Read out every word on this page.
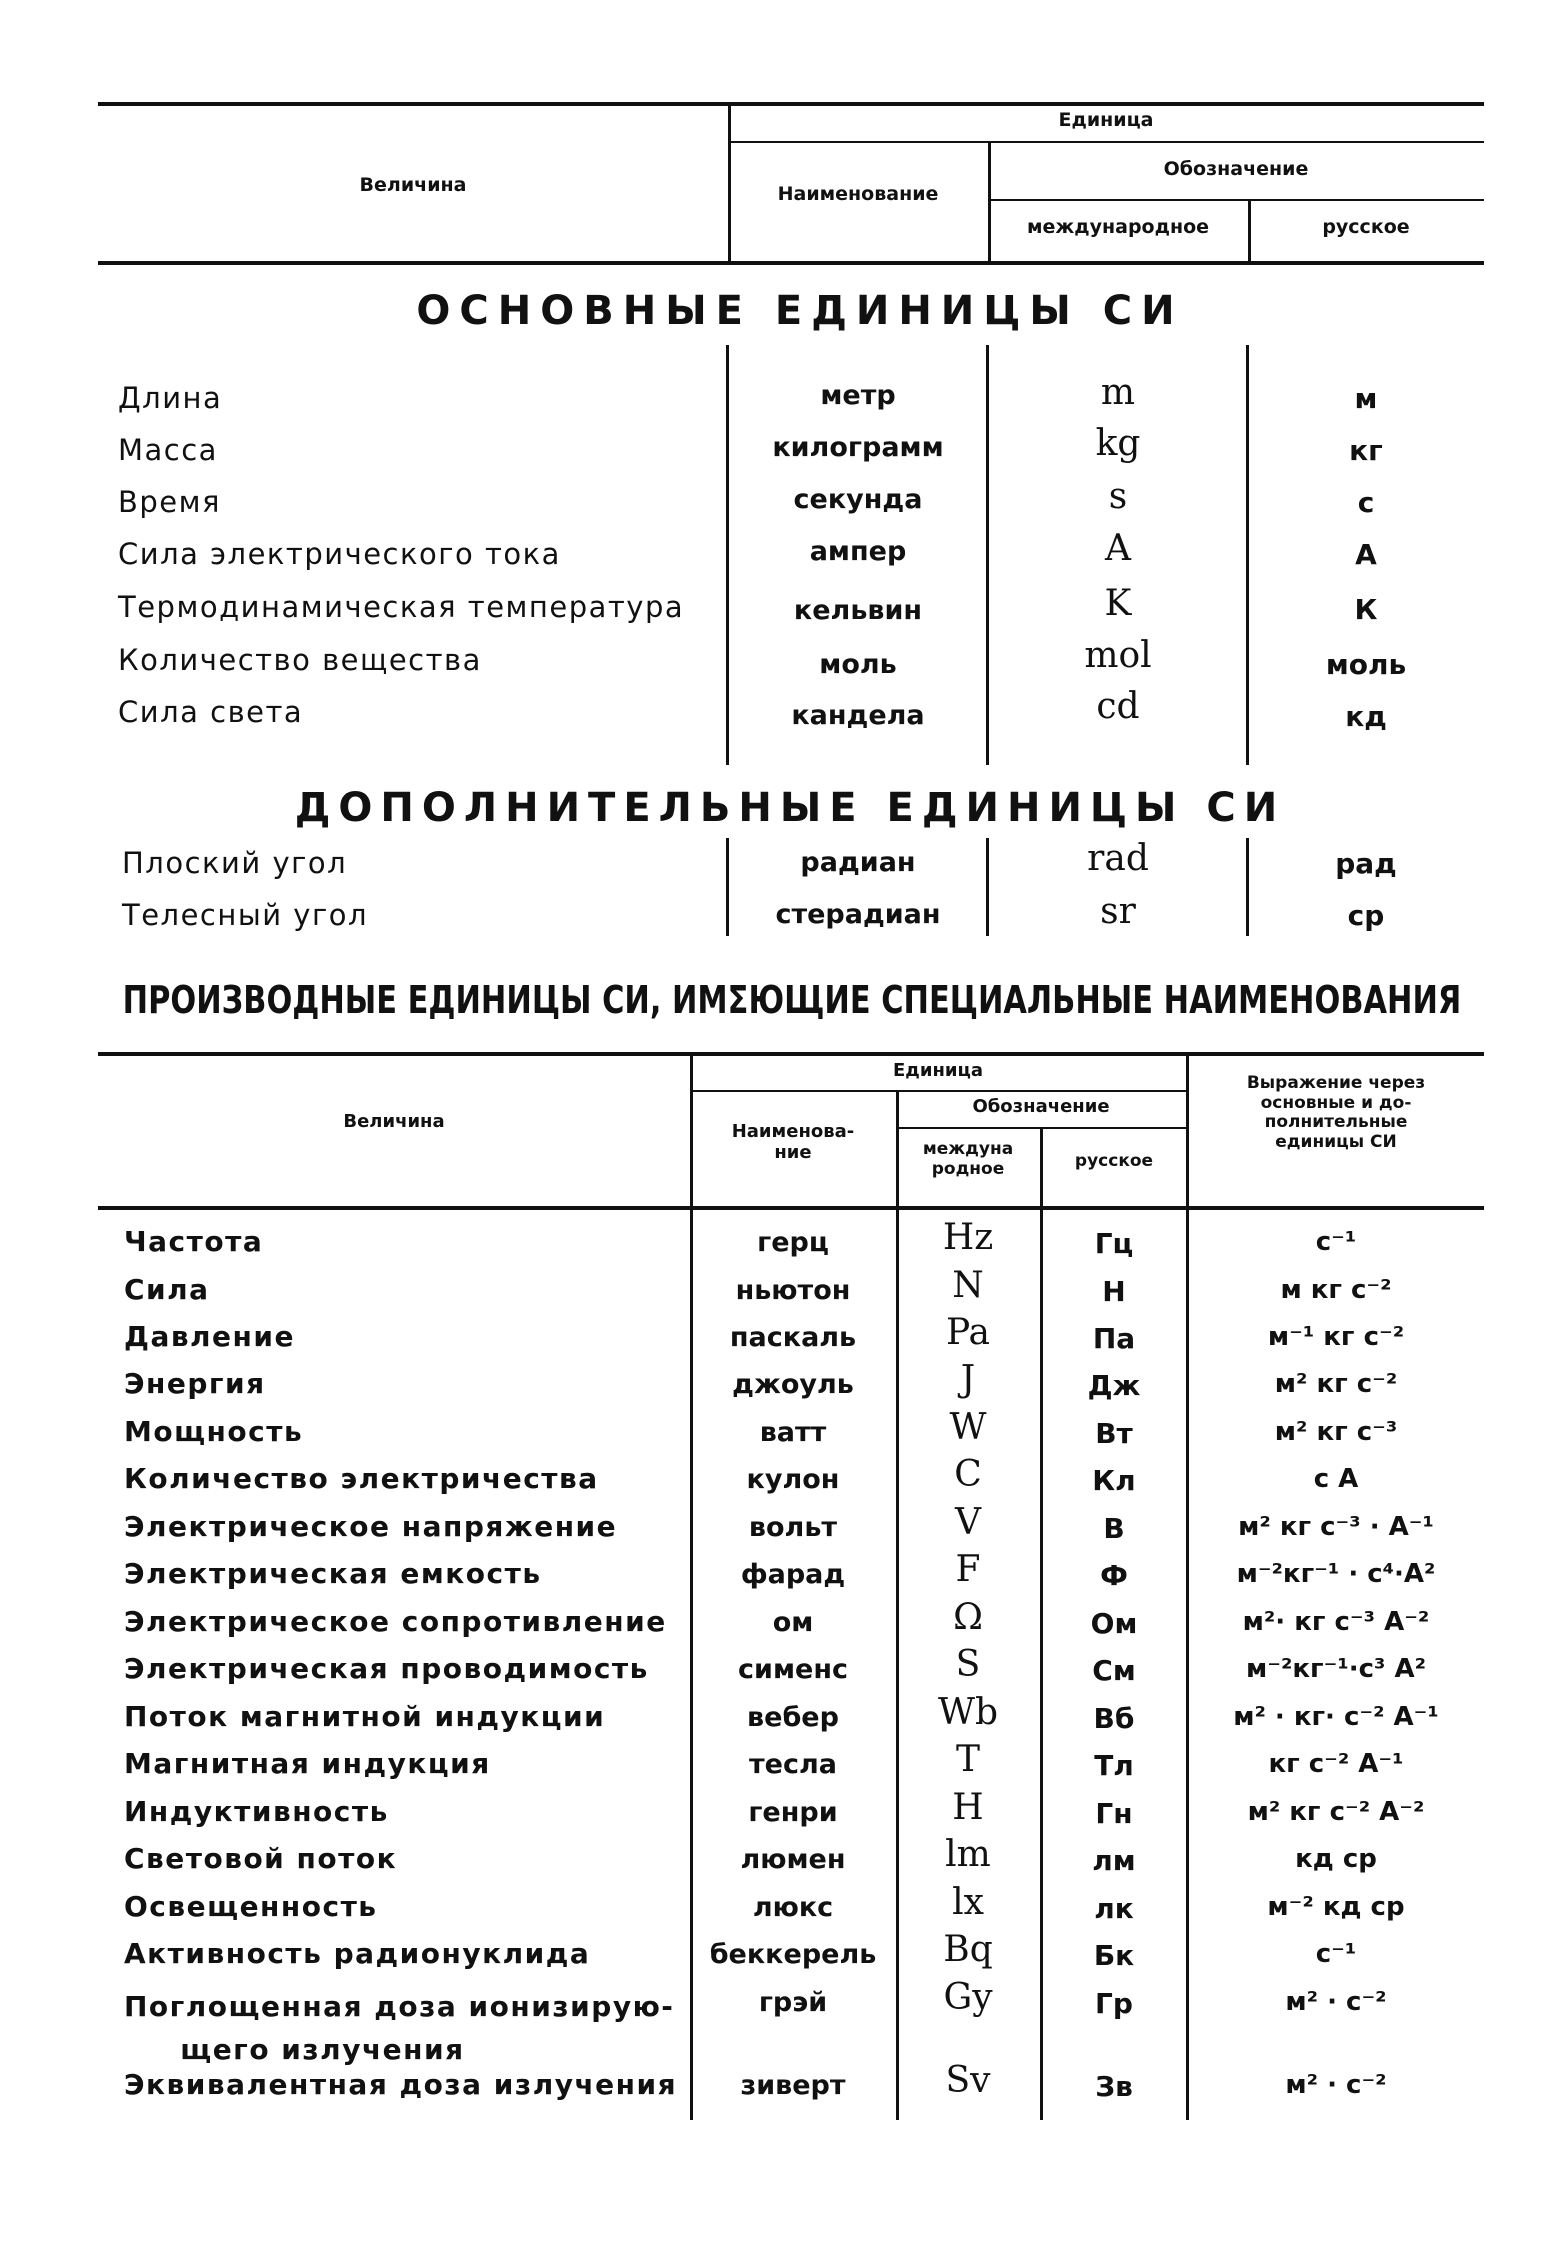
Величина
Единица
Наименование
Обозначение
международное	русское
ОСНОВНЫЕ ЕДИНИЦЫ СИ
Длина	метр	m	м
Масса	килограмм	kg	кг
Время	секунда	s	с
Сила электрического тока	ампер	A	А
Термодинамическая температура	кельвин	K	К
Количество вещества	моль	mol	моль
Сила света	кандела	cd	кд
ДОПОЛНИТЕЛЬНЫЕ ЕДИНИЦЫ СИ
Плоский угол	радиан	rad	рад
Телесный угол	стерадиан	sr	ср
ПРОИЗВОДНЫЕ ЕДИНИЦЫ СИ, ИМΣЮЩИЕ СПЕЦИАЛЬНЫЕ НАИМЕНОВАНИЯ
Величина
Единица
Наименова-
ние
Обозначение
междуна
родное	русское
Выражение через
основные и до-
полнительные
единицы СИ
Частота	герц	Hz	Гц	с⁻¹
Сила	ньютон	N	Н	м кг с⁻²
Давление	паскаль	Pa	Па	м⁻¹ кг с⁻²
Энергия	джоуль	J	Дж	м² кг с⁻²
Мощность	ватт	W	Вт	м² кг с⁻³
Количество электричества	кулон	C	Кл	с А
Электрическое напряжение	вольт	V	В	м² кг с⁻³ · А⁻¹
Электрическая емкость	фарад	F	Ф	м⁻²кг⁻¹ · с⁴·А²
Электрическое сопротивление	ом	Ω	Ом	м²· кг с⁻³ А⁻²
Электрическая проводимость	сименс	S	См	м⁻²кг⁻¹·с³ А²
Поток магнитной индукции	вебер	Wb	Вб	м² · кг· с⁻² А⁻¹
Магнитная индукция	тесла	T	Тл	кг с⁻² А⁻¹
Индуктивность	генри	H	Гн	м² кг с⁻² А⁻²
Световой поток	люмен	lm	лм	кд ср
Освещенность	люкс	lx	лк	м⁻² кд ср
Активность радионуклида	беккерель	Bq	Бк	с⁻¹
Поглощенная доза ионизирую-
щего излучения
грэй	Gy	Гр	м² · с⁻²
Эквивалентная доза излучения	зиверт	Sv	Зв	м² · с⁻²
